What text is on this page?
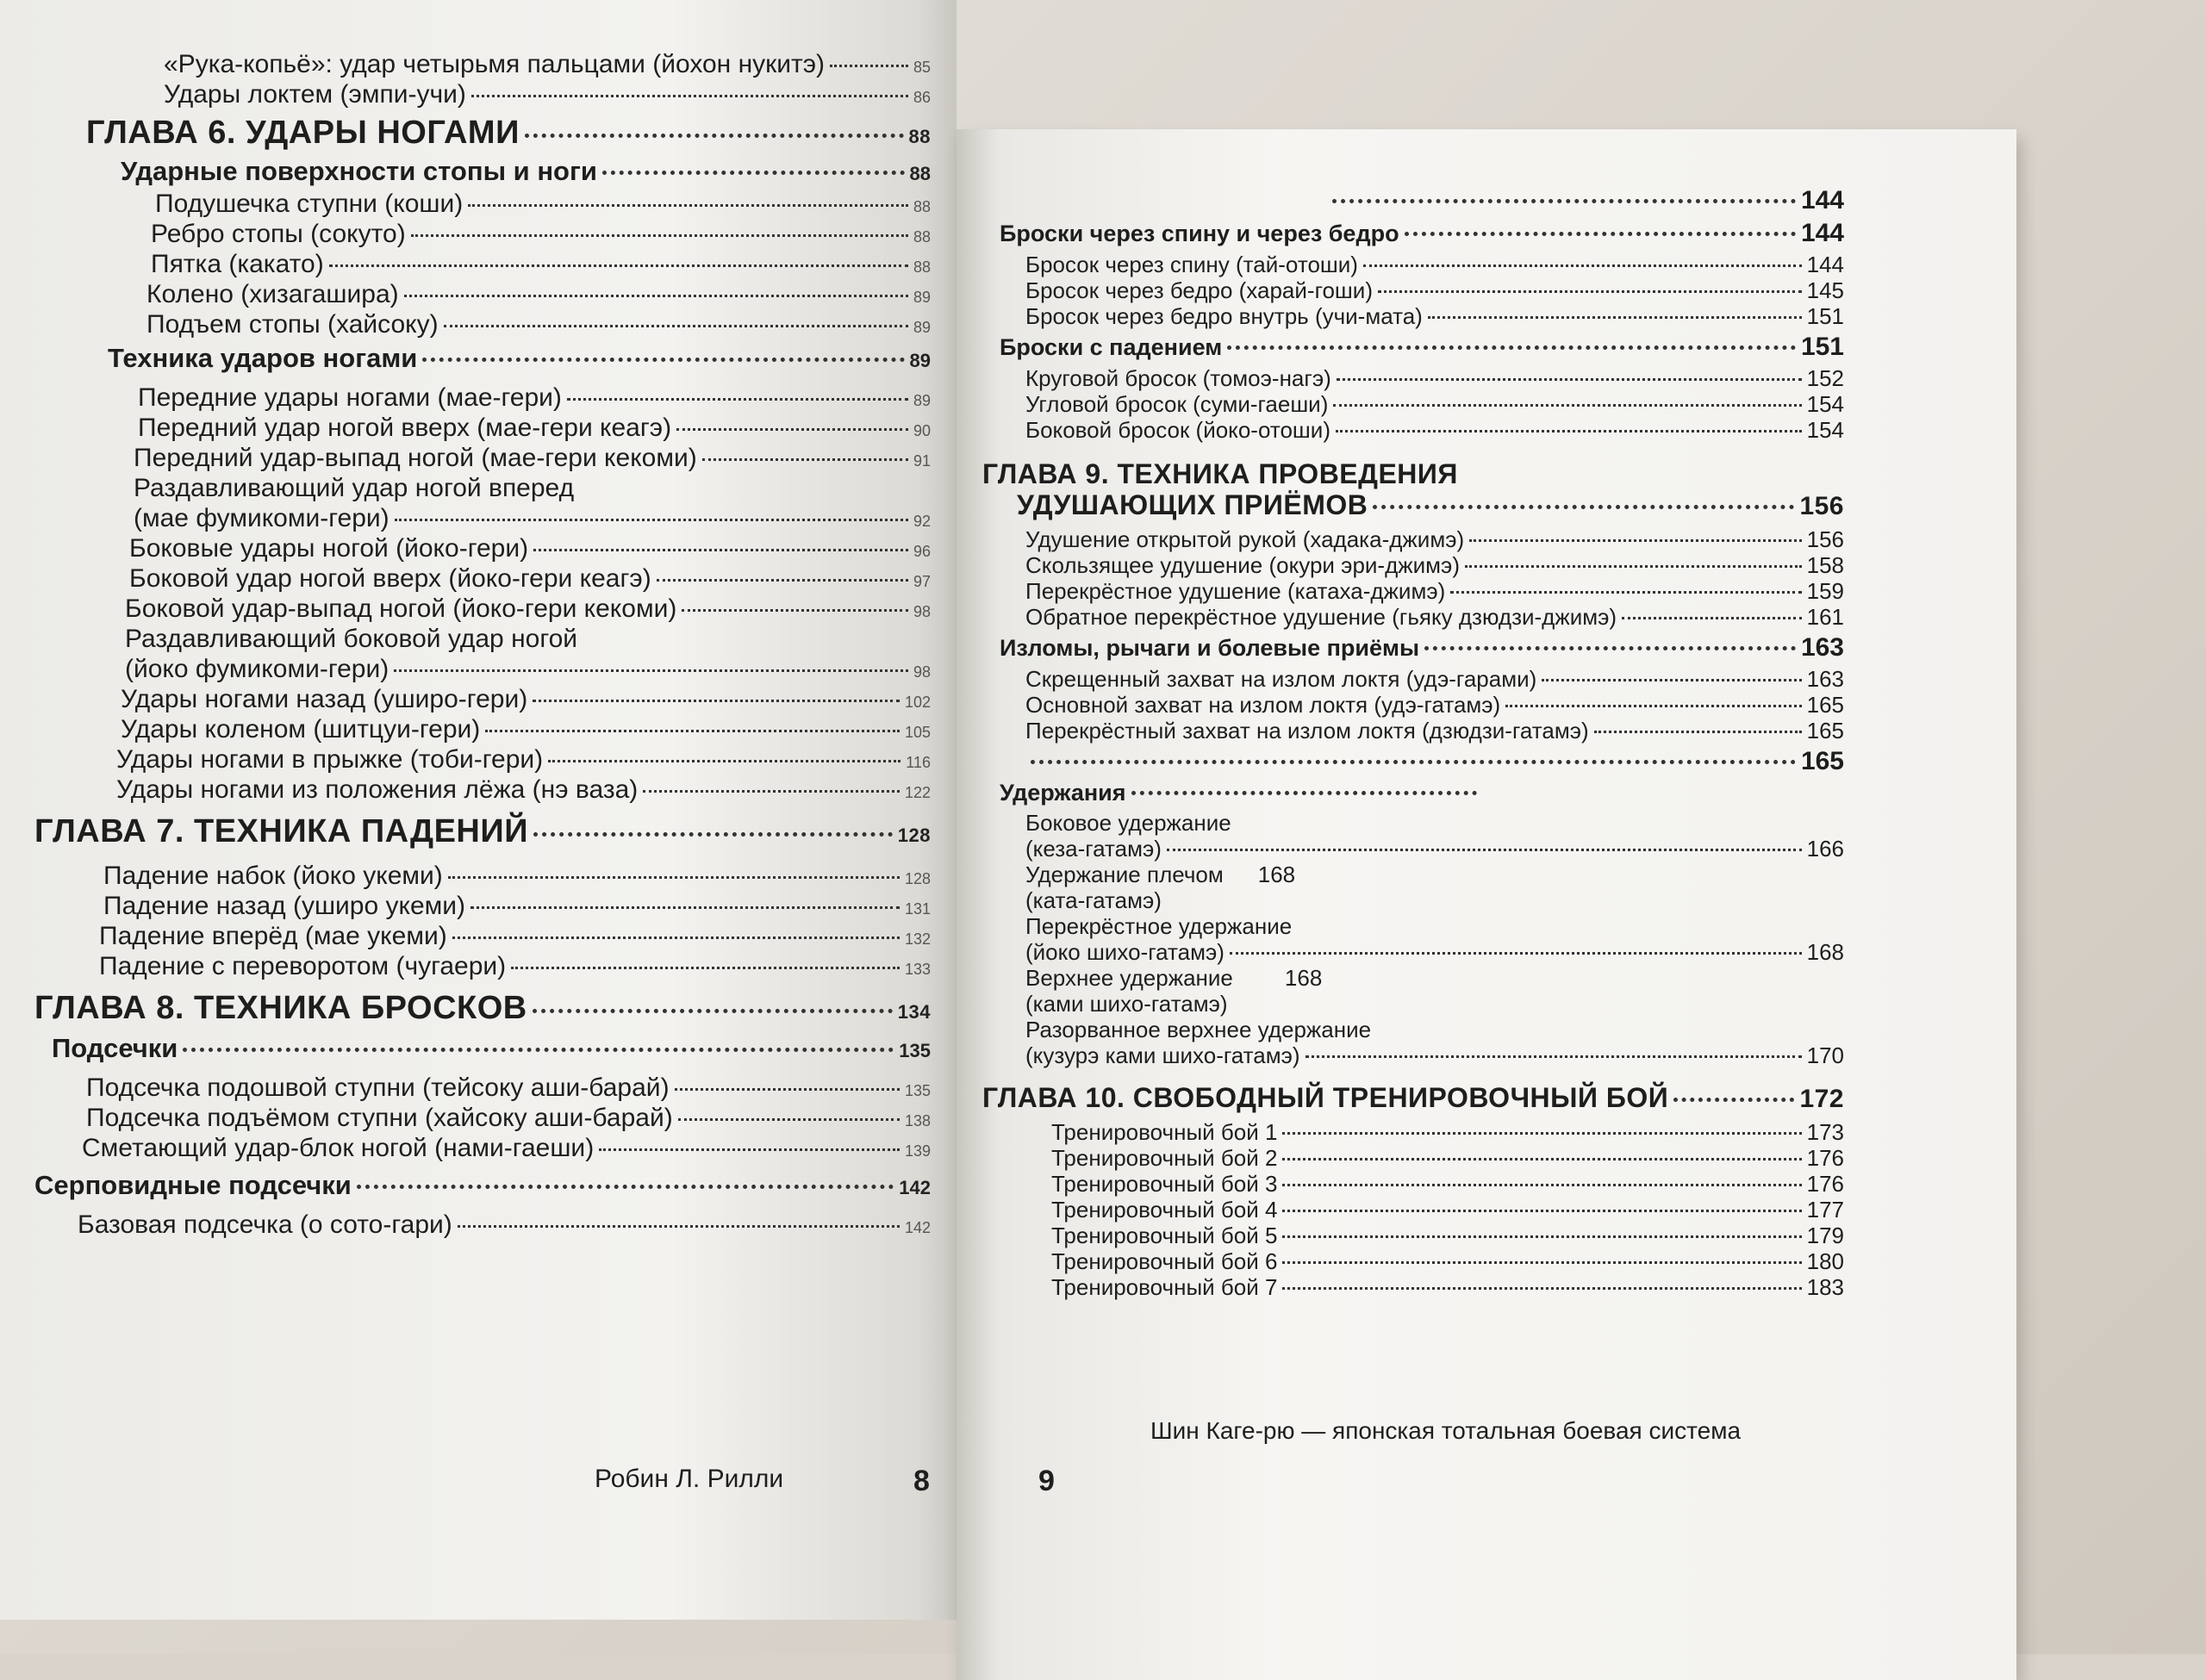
«Рука-копьё»: удар четырьмя пальцами (йохон нукитэ)	85
Удары локтем (эмпи-учи)	86
ГЛАВА 6. УДАРЫ НОГАМИ	88
Ударные поверхности стопы и ноги	88
Подушечка ступни (коши)	88
Ребро стопы (сокуто)	88
Пятка (какато)	88
Колено (хизагашира)	89
Подъем стопы (хайсоку)	89
Техника ударов ногами	89
Передние удары ногами (мае-гери)	89
Передний удар ногой вверх (мае-гери кеагэ)	90
Передний удар-выпад ногой (мае-гери кекоми)	91
Раздавливающий удар ногой вперед
(мае фумикоми-гери)	92
Боковые удары ногой (йоко-гери)	96
Боковой удар ногой вверх (йоко-гери кеагэ)	97
Боковой удар-выпад ногой (йоко-гери кекоми)	98
Раздавливающий боковой удар ногой
(йоко фумикоми-гери)	98
Удары ногами назад (уширо-гери)	102
Удары коленом (шитцуи-гери)	105
Удары ногами в прыжке (тоби-гери)	116
Удары ногами из положения лёжа (нэ ваза)	122
ГЛАВА 7. ТЕХНИКА ПАДЕНИЙ	128
Падение набок (йоко укеми)	128
Падение назад (уширо укеми)	131
Падение вперёд (мае укеми)	132
Падение с переворотом (чугаери)	133
ГЛАВА 8. ТЕХНИКА БРОСКОВ	134
Подсечки	135
Подсечка подошвой ступни (тейсоку аши-барай)	135
Подсечка подъёмом ступни (хайсоку аши-барай)	138
Сметающий удар-блок ногой (нами-гаеши)	139
Серповидные подсечки	142
Базовая подсечка (о сото-гари)	142
Робин Л. Рилли	8
144
Броски через спину и через бедро	144
Бросок через спину (тай-отоши)	144
Бросок через бедро (харай-гоши)	145
Бросок через бедро внутрь (учи-мата)	151
Броски с падением	151
Круговой бросок (томоэ-нагэ)	152
Угловой бросок (суми-гаеши)	154
Боковой бросок (йоко-отоши)	154
ГЛАВА 9. ТЕХНИКА ПРОВЕДЕНИЯ
УДУШАЮЩИХ ПРИЁМОВ	156
Удушение открытой рукой (хадака-джимэ)	156
Скользящее удушение (окури эри-джимэ)	158
Перекрёстное удушение (катаха-джимэ)	159
Обратное перекрёстное удушение (гьяку дзюдзи-джимэ)	161
Изломы, рычаги и болевые приёмы	163
Скрещенный захват на излом локтя (удэ-гарами)	163
Основной захват на излом локтя (удэ-гатамэ)	165
Перекрёстный захват на излом локтя (дзюдзи-гатамэ)	165
165
Удержания
Боковое удержание
(кеза-гатамэ)	166
Удержание плечом 168
(ката-гатамэ)
Перекрёстное удержание
(йоко шихо-гатамэ)	168
Верхнее удержание 168
(ками шихо-гатамэ)
Разорванное верхнее удержание
(кузурэ ками шихо-гатамэ)	170
ГЛАВА 10. СВОБОДНЫЙ ТРЕНИРОВОЧНЫЙ БОЙ	172
Тренировочный бой 1	173
Тренировочный бой 2	176
Тренировочный бой 3	176
Тренировочный бой 4	177
Тренировочный бой 5	179
Тренировочный бой 6	180
Тренировочный бой 7	183
9
Шин Каге-рю — японская тотальная боевая система
